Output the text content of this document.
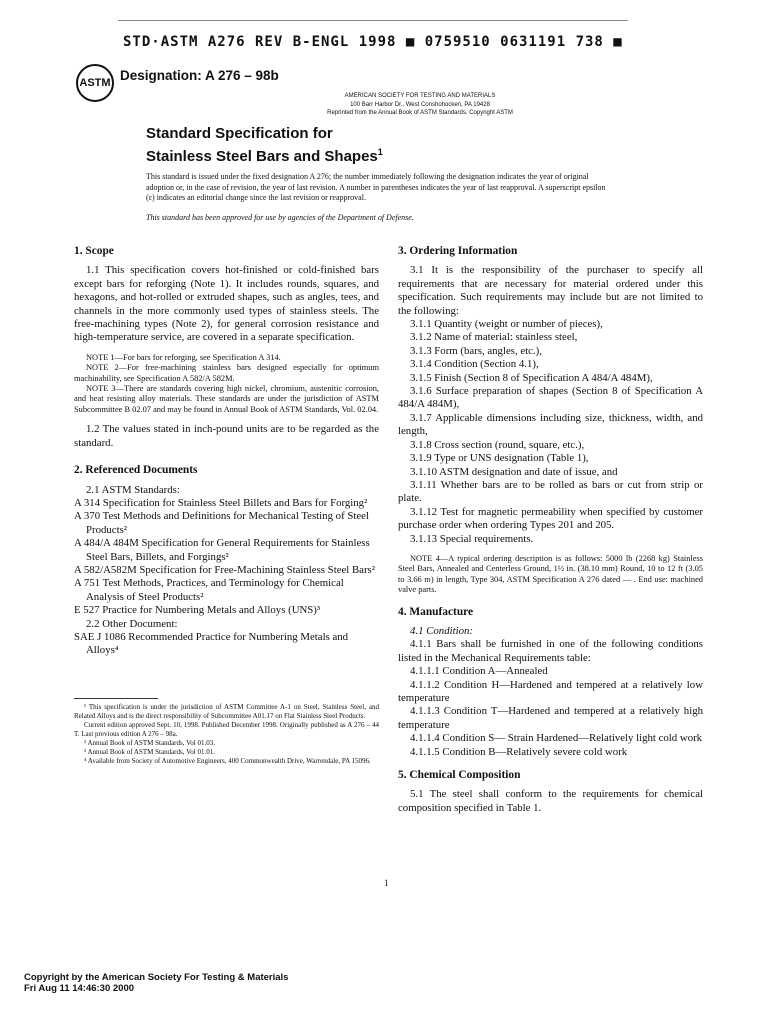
STD·ASTM A276 REV B-ENGL 1998 ■ 0759510 0631191 738 ■
ASTM Designation: A 276 – 98b
AMERICAN SOCIETY FOR TESTING AND MATERIALS
100 Barr Harbor Dr., West Conshohocken, PA 19428
Reprinted from the Annual Book of ASTM Standards. Copyright ASTM
Standard Specification for
Stainless Steel Bars and Shapes$^1$
This standard is issued under the fixed designation A 276; the number immediately following the designation indicates the year of original adoption or, in the case of revision, the year of last revision. A number in parentheses indicates the year of last reapproval. A superscript epsilon (ε) indicates an editorial change since the last revision or reapproval.
This standard has been approved for use by agencies of the Department of Defense.
1. Scope

1.1 This specification covers hot-finished or cold-finished bars except bars for reforging (Note 1). It includes rounds, squares, and hexagons, and hot-rolled or extruded shapes, such as angles, tees, and channels in the more commonly used types of stainless steels. The free-machining types (Note 2), for general corrosion resistance and high-temperature service, are covered in a separate specification.

NOTE 1—For bars for reforging, see Specification A 314.

NOTE 2—For free-machining stainless bars designed especially for optimum machinability, see Specification A 582/A 582M.

NOTE 3—There are standards covering high nickel, chromium, austenitic corrosion, and heat resisting alloy materials. These standards are under the jurisdiction of ASTM Subcommittee B 02.07 and may be found in Annual Book of ASTM Standards, Vol. 02.04.

1.2 The values stated in inch-pound units are to be regarded as the standard.

2. Referenced Documents

2.1 ASTM Standards:

A 314 Specification for Stainless Steel Billets and Bars for Forging²

A 370 Test Methods and Definitions for Mechanical Testing of Steel Products²

A 484/A 484M Specification for General Requirements for Stainless Steel Bars, Billets, and Forgings²

A 582/A582M Specification for Free-Machining Stainless Steel Bars²

A 751 Test Methods, Practices, and Terminology for Chemical Analysis of Steel Products²

E 527 Practice for Numbering Metals and Alloys (UNS)³

2.2 Other Document:

SAE J 1086 Recommended Practice for Numbering Metals and Alloys⁴

¹ This specification is under the jurisdiction of ASTM Committee A-1 on Steel, Stainless Steel, and Related Alloys and is the direct responsibility of Subcommittee A01.17 on Flat Stainless Steel Products.

Current edition approved Sept. 10, 1998. Published December 1998. Originally published as A 276 – 44 T. Last previous edition A 276 – 98a.

² Annual Book of ASTM Standards, Vol 01.03.

³ Annual Book of ASTM Standards, Vol 01.01.

⁴ Available from Society of Automotive Engineers, 400 Commonwealth Drive, Warrendale, PA 15096.

3. Ordering Information

3.1 It is the responsibility of the purchaser to specify all requirements that are necessary for material ordered under this specification. Such requirements may include but are not limited to the following:

3.1.1 Quantity (weight or number of pieces),

3.1.2 Name of material: stainless steel,

3.1.3 Form (bars, angles, etc.),

3.1.4 Condition (Section 4.1),

3.1.5 Finish (Section 8 of Specification A 484/A 484M),

3.1.6 Surface preparation of shapes (Section 8 of Specification A 484/A 484M),

3.1.7 Applicable dimensions including size, thickness, width, and length,

3.1.8 Cross section (round, square, etc.),

3.1.9 Type or UNS designation (Table 1),

3.1.10 ASTM designation and date of issue, and

3.1.11 Whether bars are to be rolled as bars or cut from strip or plate.

3.1.12 Test for magnetic permeability when specified by customer purchase order when ordering Types 201 and 205.

3.1.13 Special requirements.

NOTE 4—A typical ordering description is as follows: 5000 lb (2268 kg) Stainless Steel Bars, Annealed and Centerless Ground, 1½ in. (38.10 mm) Round, 10 to 12 ft (3.05 to 3.66 m) in length, Type 304, ASTM Specification A 276 dated — . End use: machined valve parts.

4. Manufacture

4.1 Condition:

4.1.1 Bars shall be furnished in one of the following conditions listed in the Mechanical Requirements table:

4.1.1.1 Condition A—Annealed

4.1.1.2 Condition H—Hardened and tempered at a relatively low temperature

4.1.1.3 Condition T—Hardened and tempered at a relatively high temperature

4.1.1.4 Condition S— Strain Hardened—Relatively light cold work

4.1.1.5 Condition B—Relatively severe cold work

5. Chemical Composition

5.1 The steel shall conform to the requirements for chemical composition specified in Table 1.

1
Copyright by the American Society For Testing & Materials
Fri Aug 11 14:46:30 2000
